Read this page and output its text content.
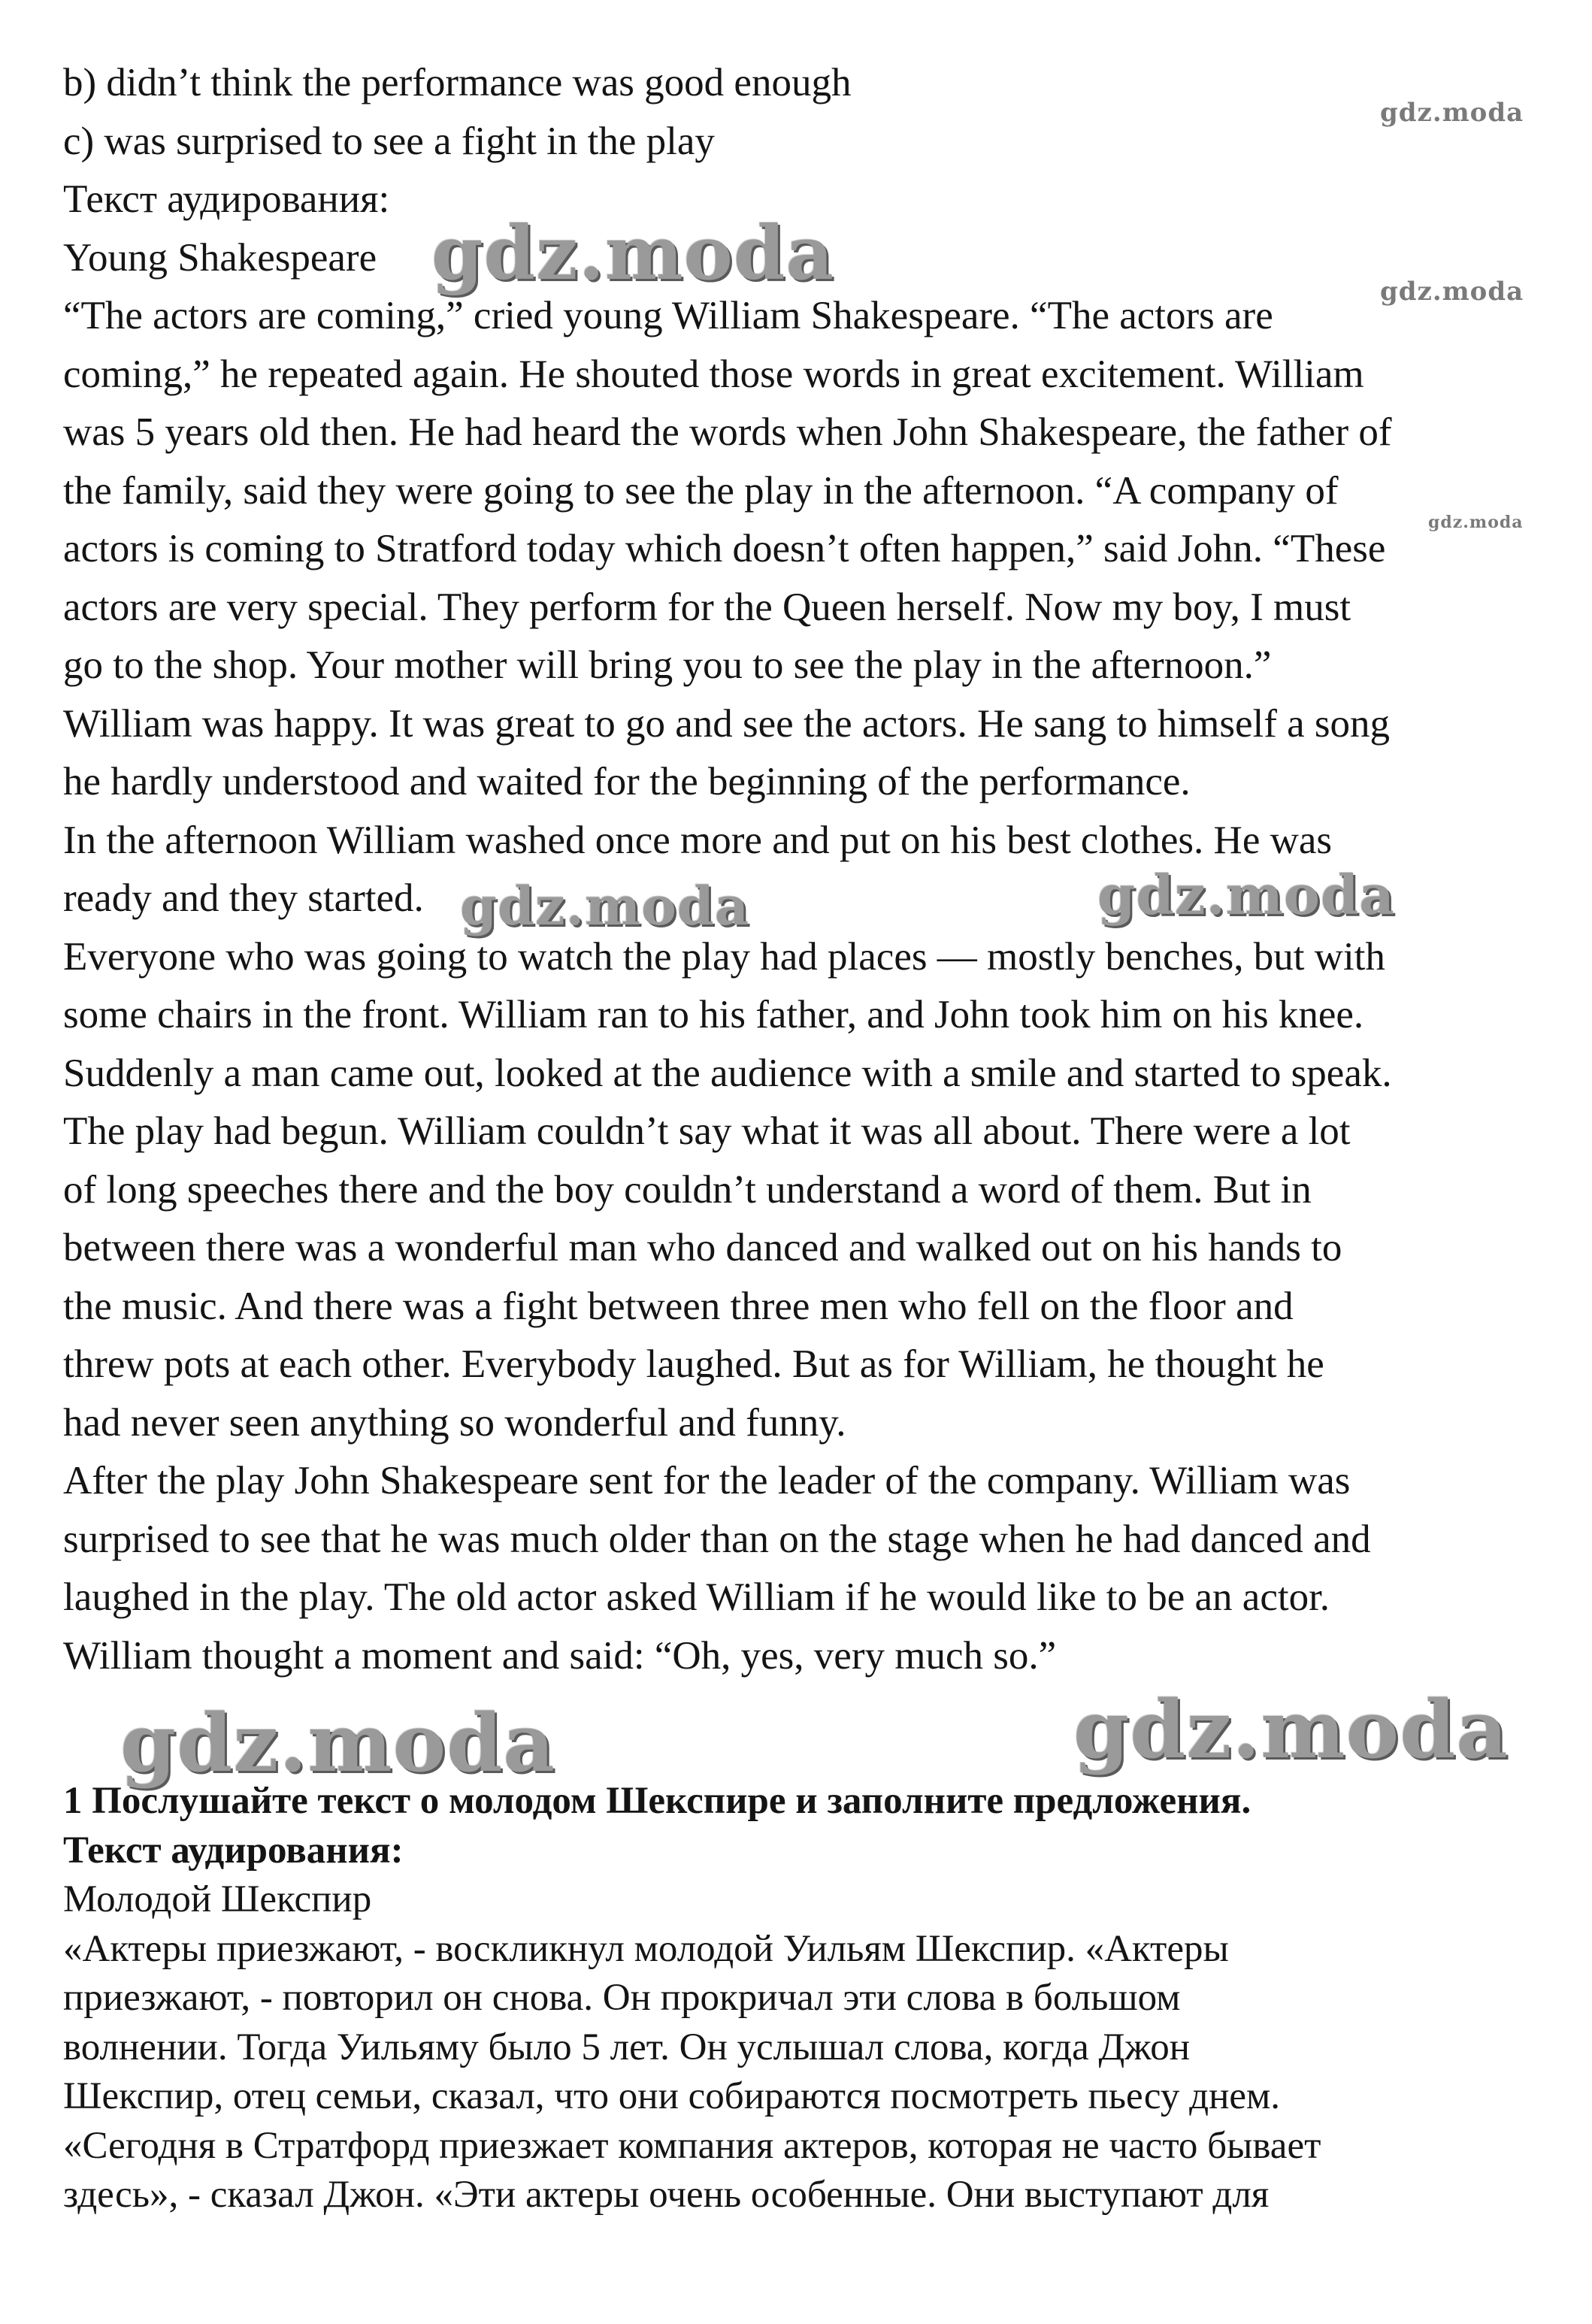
b) didn’t think the performance was good enough
c) was surprised to see a fight in the play
Текст аудирования:
Young Shakespeare
“The actors are coming,” cried young William Shakespeare. “The actors are
coming,” he repeated again. He shouted those words in great excitement. William
was 5 years old then. He had heard the words when John Shakespeare, the father of
the family, said they were going to see the play in the afternoon. “A company of
actors is coming to Stratford today which doesn’t often happen,” said John. “These
actors are very special. They perform for the Queen herself. Now my boy, I must
go to the shop. Your mother will bring you to see the play in the afternoon.”
William was happy. It was great to go and see the actors. He sang to himself a song
he hardly understood and waited for the beginning of the performance.
In the afternoon William washed once more and put on his best clothes. He was
ready and they started.
Everyone who was going to watch the play had places — mostly benches, but with
some chairs in the front. William ran to his father, and John took him on his knee.
Suddenly a man came out, looked at the audience with a smile and started to speak.
The play had begun. William couldn’t say what it was all about. There were a lot
of long speeches there and the boy couldn’t understand a word of them. But in
between there was a wonderful man who danced and walked out on his hands to
the music. And there was a fight between three men who fell on the floor and
threw pots at each other. Everybody laughed. But as for William, he thought he
had never seen anything so wonderful and funny.
After the play John Shakespeare sent for the leader of the company. William was
surprised to see that he was much older than on the stage when he had danced and
laughed in the play. The old actor asked William if he would like to be an actor.
William thought a moment and said: “Oh, yes, very much so.”
1 Послушайте текст о молодом Шекспире и заполните предложения.
Текст аудирования:
Молодой Шекспир
«Актеры приезжают, - воскликнул молодой Уильям Шекспир. «Актеры
приезжают, - повторил он снова. Он прокричал эти слова в большом
волнении. Тогда Уильяму было 5 лет. Он услышал слова, когда Джон
Шекспир, отец семьи, сказал, что они собираются посмотреть пьесу днем.
«Сегодня в Стратфорд приезжает компания актеров, которая не часто бывает
здесь», - сказал Джон. «Эти актеры очень особенные. Они выступают для
gdz.moda
gdz.moda	gdz.moda
gdz.moda
gdz.moda	gdz.moda
gdz.moda	gdz.moda
